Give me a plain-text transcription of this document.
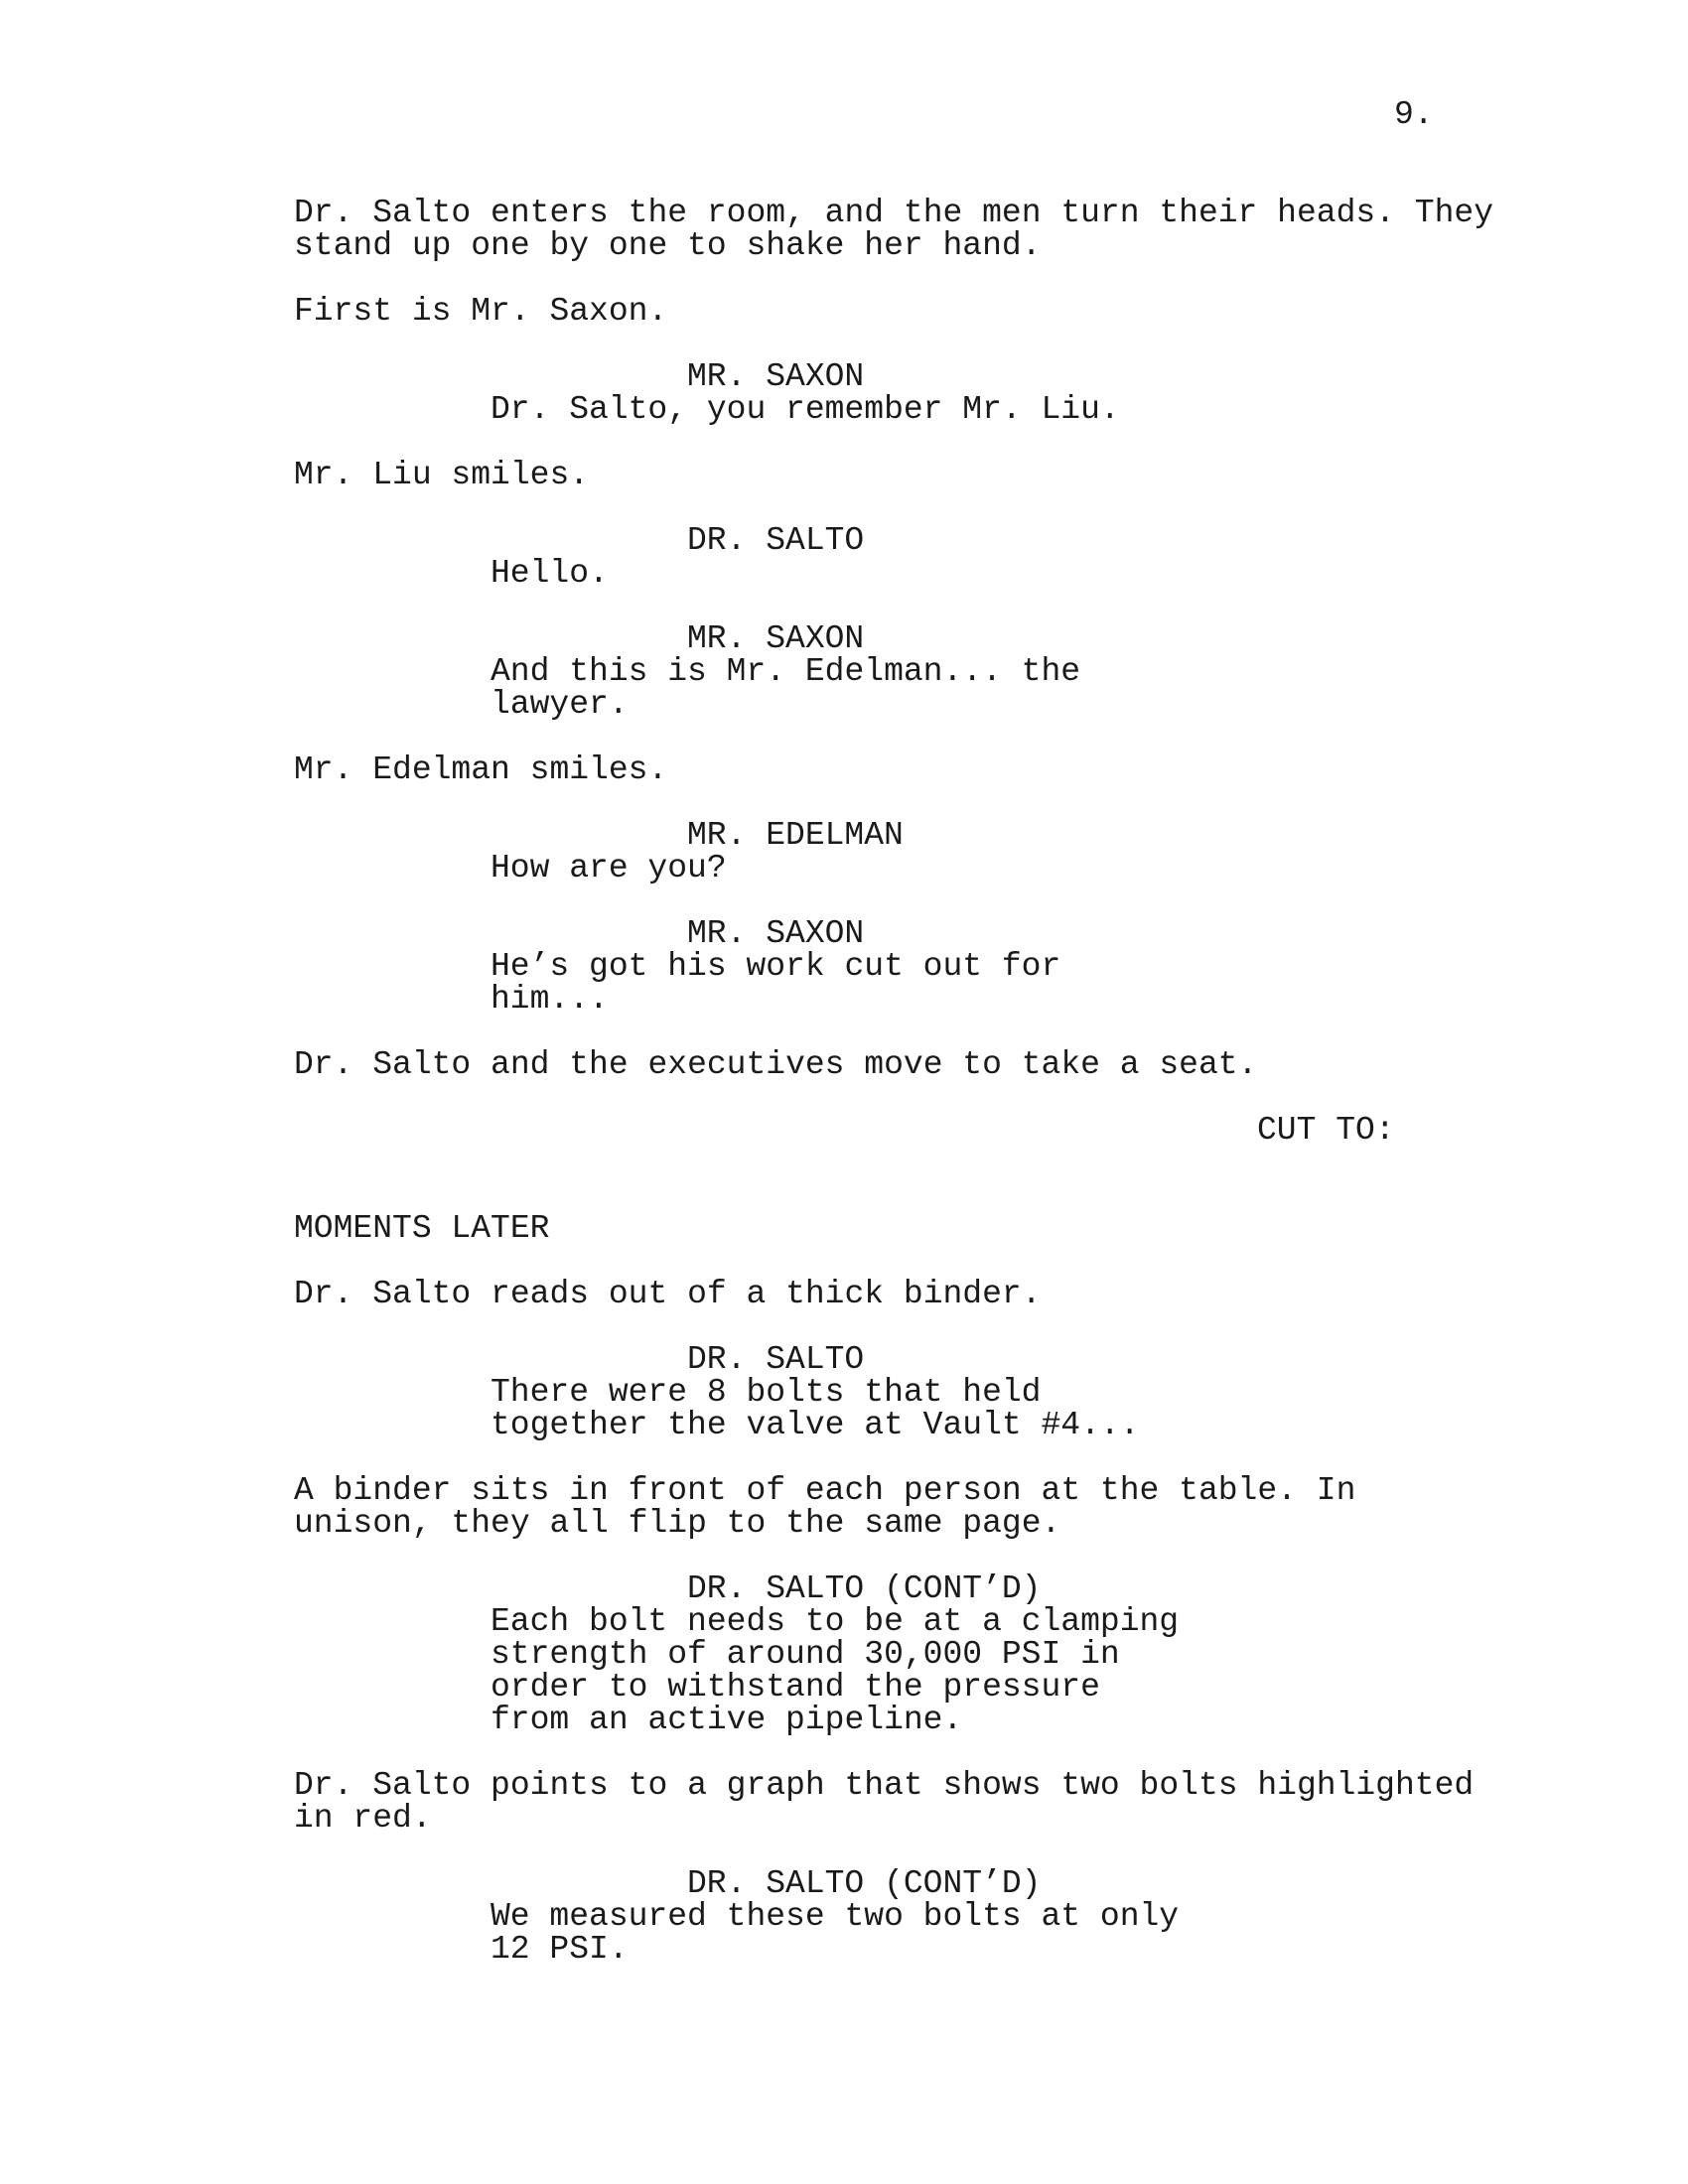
9.
Dr. Salto enters the room, and the men turn their heads. They
stand up one by one to shake her hand.
First is Mr. Saxon.
MR. SAXON
Dr. Salto, you remember Mr. Liu.
Mr. Liu smiles.
DR. SALTO
Hello.
MR. SAXON
And this is Mr. Edelman... the
lawyer.
Mr. Edelman smiles.
MR. EDELMAN
How are you?
MR. SAXON
He’s got his work cut out for
him...
Dr. Salto and the executives move to take a seat.
CUT TO:
MOMENTS LATER
Dr. Salto reads out of a thick binder.
DR. SALTO
There were 8 bolts that held
together the valve at Vault #4...
A binder sits in front of each person at the table. In
unison, they all flip to the same page.
DR. SALTO (CONT’D)
Each bolt needs to be at a clamping
strength of around 30,000 PSI in
order to withstand the pressure
from an active pipeline.
Dr. Salto points to a graph that shows two bolts highlighted
in red.
DR. SALTO (CONT’D)
We measured these two bolts at only
12 PSI.
